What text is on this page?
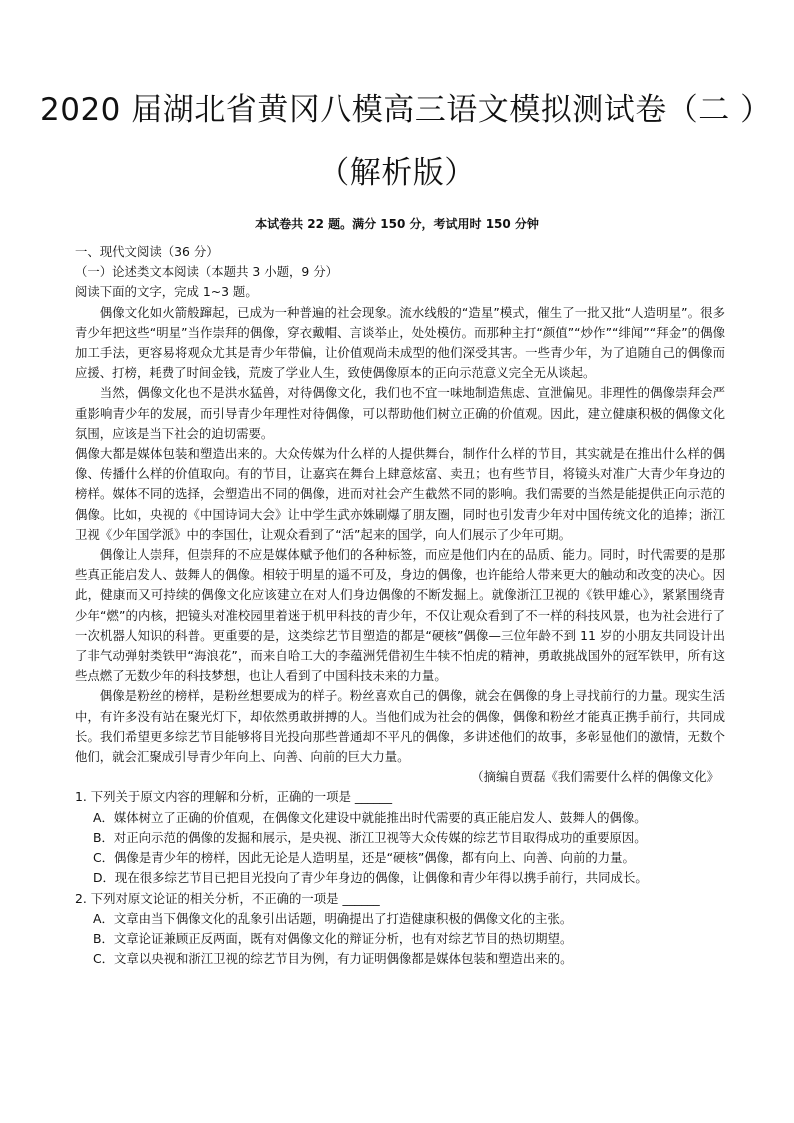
2020 届湖北省黄冈八模高三语文模拟测试卷（二 ）
（解析版）
本试卷共 22 题。满分 150 分，考试用时 150 分钟

一、现代文阅读（36 分）

（一）论述类文本阅读（本题共 3 小题，9 分）

阅读下面的文字，完成 1~3 题。

偶像文化如火箭般蹿起，已成为一种普遍的社会现象。流水线般的“造星”模式，催生了一批又批“人造明星”。很多青少年把这些“明星”当作崇拜的偶像，穿衣戴帽、言谈举止，处处模仿。而那种主打“颜值”“炒作”“绯闻”“拜金”的偶像加工手法，更容易将观众尤其是青少年带偏，让价值观尚未成型的他们深受其害。一些青少年，为了追随自己的偶像而应援、打榜，耗费了时间金钱，荒废了学业人生，致使偶像原本的正向示范意义完全无从谈起。

当然，偶像文化也不是洪水猛兽，对待偶像文化，我们也不宜一味地制造焦虑、宣泄偏见。非理性的偶像崇拜会严重影响青少年的发展，而引导青少年理性对待偶像，可以帮助他们树立正确的价值观。因此，建立健康积极的偶像文化氛围，应该是当下社会的迫切需要。

偶像大都是媒体包装和塑造出来的。大众传媒为什么样的人提供舞台，制作什么样的节目，其实就是在推出什么样的偶像、传播什么样的价值取向。有的节目，让嘉宾在舞台上肆意炫富、卖丑；也有些节目，将镜头对准广大青少年身边的榜样。媒体不同的选择，会塑造出不同的偶像，进而对社会产生截然不同的影响。我们需要的当然是能提供正向示范的偶像。比如，央视的《中国诗词大会》让中学生武亦姝刷爆了朋友圈，同时也引发青少年对中国传统文化的追捧；浙江卫视《少年国学派》中的李国仕，让观众看到了“活”起来的国学，向人们展示了少年可期。

偶像让人崇拜，但崇拜的不应是媒体赋予他们的各种标签，而应是他们内在的品质、能力。同时，时代需要的是那些真正能启发人、鼓舞人的偶像。相较于明星的遥不可及，身边的偶像，也许能给人带来更大的触动和改变的决心。因此，健康而又可持续的偶像文化应该建立在对人们身边偶像的不断发掘上。就像浙江卫视的《铁甲雄心》，紧紧围绕青少年“燃”的内核，把镜头对准校园里着迷于机甲科技的青少年，不仅让观众看到了不一样的科技风景，也为社会进行了一次机器人知识的科普。更重要的是，这类综艺节目塑造的都是“硬核”偶像—三位年龄不到 11 岁的小朋友共同设计出了非气动弹射类铁甲“海浪花”，而来自哈工大的李蕴洲凭借初生牛犊不怕虎的精神，勇敢挑战国外的冠军铁甲，所有这些点燃了无数少年的科技梦想，也让人看到了中国科技未来的力量。

偶像是粉丝的榜样，是粉丝想要成为的样子。粉丝喜欢自己的偶像，就会在偶像的身上寻找前行的力量。现实生活中，有许多没有站在聚光灯下，却依然勇敢拼搏的人。当他们成为社会的偶像，偶像和粉丝才能真正携手前行，共同成长。我们希望更多综艺节目能够将目光投向那些普通却不平凡的偶像，多讲述他们的故事，多彰显他们的激情，无数个他们，就会汇聚成引导青少年向上、向善、向前的巨大力量。

（摘编自贾磊《我们需要什么样的偶像文化》

1. 下列关于原文内容的理解和分析，正确的一项是 ______

A．媒体树立了正确的价值观，在偶像文化建设中就能推出时代需要的真正能启发人、鼓舞人的偶像。

B．对正向示范的偶像的发掘和展示，是央视、浙江卫视等大众传媒的综艺节目取得成功的重要原因。

C．偶像是青少年的榜样，因此无论是人造明星，还是“硬核”偶像，都有向上、向善、向前的力量。

D．现在很多综艺节目已把目光投向了青少年身边的偶像，让偶像和青少年得以携手前行，共同成长。

2. 下列对原文论证的相关分析，不正确的一项是 ______

A．文章由当下偶像文化的乱象引出话题，明确提出了打造健康积极的偶像文化的主张。

B．文章论证兼顾正反两面，既有对偶像文化的辩证分析，也有对综艺节目的热切期望。

C．文章以央视和浙江卫视的综艺节目为例，有力证明偶像都是媒体包装和塑造出来的。
